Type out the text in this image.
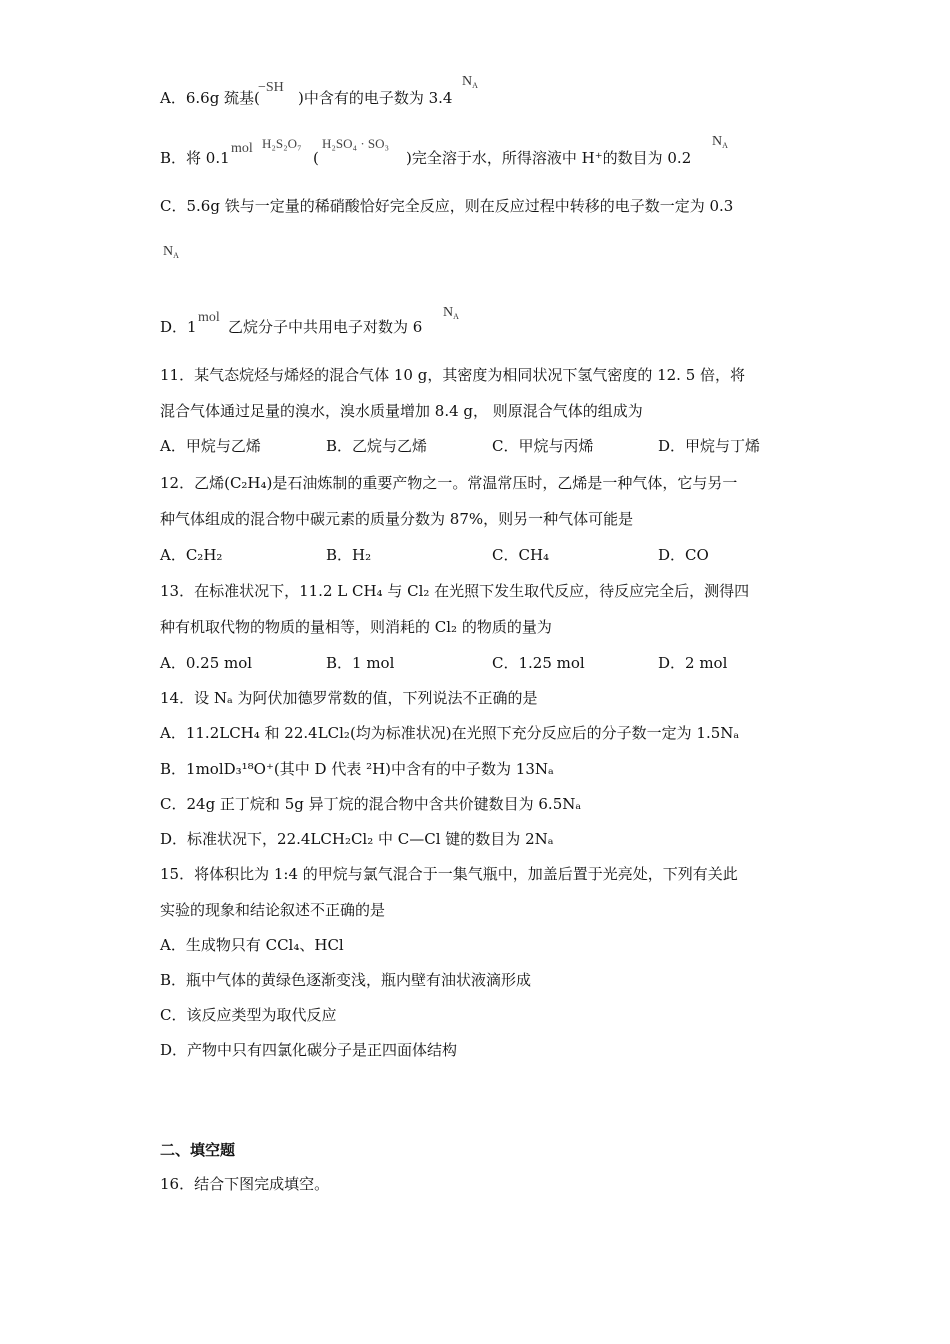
A．6.6g 巯基(
−SH
)中含有的电子数为 3.4
$N_A$
B．将 0.1
mol H₂S₂O₇
(
H₂SO₄ · SO₃
)完全溶于水，所得溶液中 H⁺的数目为 0.2
$N_A$
C．5.6g 铁与一定量的稀硝酸恰好完全反应，则在反应过程中转移的电子数一定为 0.3
$N_A$
D．1
mol
乙烷分子中共用电子对数为 6
$N_A$
11．某气态烷烃与烯烃的混合气体 10 g，其密度为相同状况下氢气密度的 12. 5 倍，将
混合气体通过足量的溴水，溴水质量增加 8.4 g， 则原混合气体的组成为
A．甲烷与乙烯	B．乙烷与乙烯	C．甲烷与丙烯	D．甲烷与丁烯
12．乙烯(C₂H₄)是石油炼制的重要产物之一。常温常压时，乙烯是一种气体，它与另一
种气体组成的混合物中碳元素的质量分数为 87%，则另一种气体可能是
A．C₂H₂	B．H₂	C．CH₄	D．CO
13．在标准状况下，11.2 L CH₄ 与 Cl₂ 在光照下发生取代反应，待反应完全后，测得四
种有机取代物的物质的量相等，则消耗的 Cl₂ 的物质的量为
A．0.25 mol	B．1 mol	C．1.25 mol	D．2 mol
14．设 Nₐ 为阿伏加德罗常数的值，下列说法不正确的是
A．11.2LCH₄ 和 22.4LCl₂(均为标准状况)在光照下充分反应后的分子数一定为 1.5Nₐ
B．1molD₃¹⁸O⁺(其中 D 代表 ²H)中含有的中子数为 13Nₐ
C．24g 正丁烷和 5g 异丁烷的混合物中含共价键数目为 6.5Nₐ
D．标准状况下，22.4LCH₂Cl₂ 中 C—Cl 键的数目为 2Nₐ
15．将体积比为 1:4 的甲烷与氯气混合于一集气瓶中，加盖后置于光亮处，下列有关此
实验的现象和结论叙述不正确的是
A．生成物只有 CCl₄、HCl
B．瓶中气体的黄绿色逐渐变浅，瓶内壁有油状液滴形成
C．该反应类型为取代反应
D．产物中只有四氯化碳分子是正四面体结构
二、填空题
16．结合下图完成填空。
